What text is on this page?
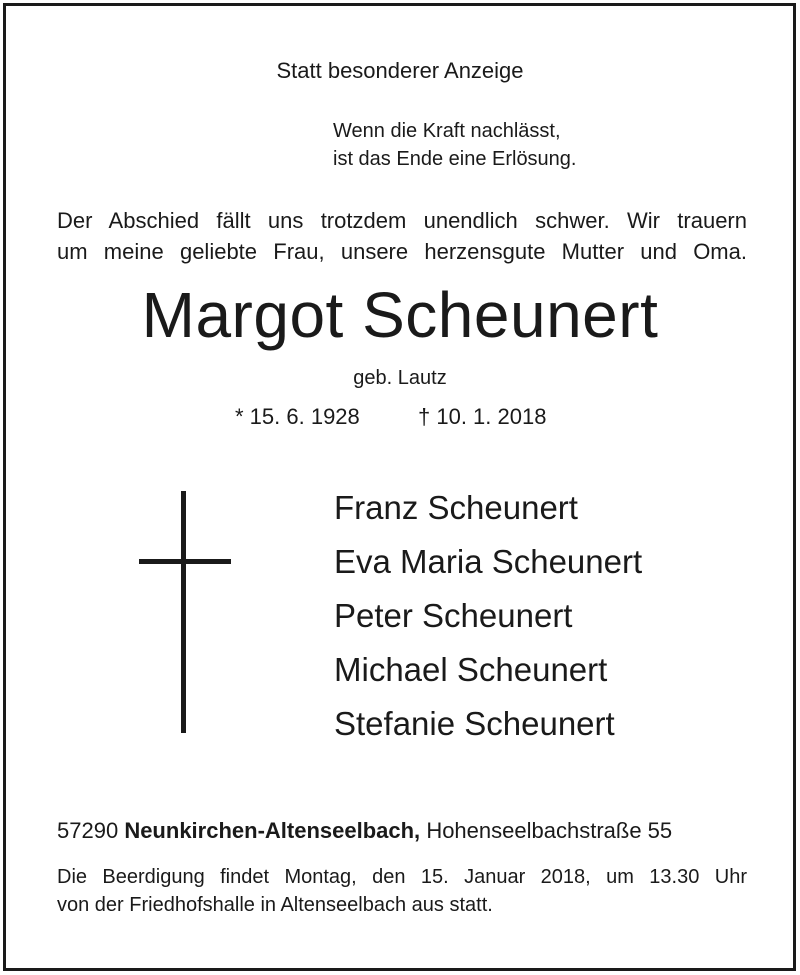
Statt besonderer Anzeige

Wenn die Kraft nachlässt,

ist das Ende eine Erlösung.

Der Abschied fällt uns trotzdem unendlich schwer. Wir trauern
um meine geliebte Frau, unsere herzensgute Mutter und Oma.

Margot Scheunert

geb. Lautz

* 15. 6. 1928	† 10. 1. 2018

Franz Scheunert
Eva Maria Scheunert
Peter Scheunert
Michael Scheunert
Stefanie Scheunert

57290 Neunkirchen-Altenseelbach, Hohenseelbachstraße 55

Die Beerdigung findet Montag, den 15. Januar 2018, um 13.30 Uhr
von der Friedhofshalle in Altenseelbach aus statt.
